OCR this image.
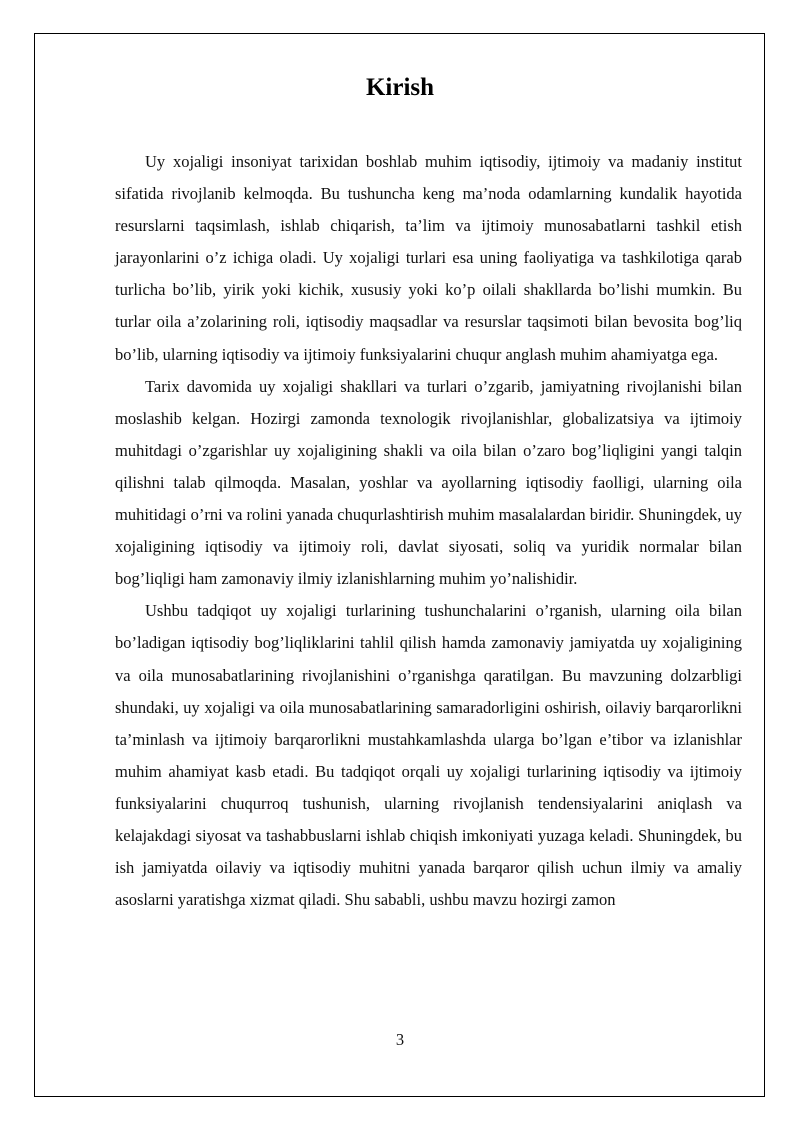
Kirish

Uy xojaligi insoniyat tarixidan boshlab muhim iqtisodiy, ijtimoiy va madaniy institut sifatida rivojlanib kelmoqda. Bu tushuncha keng ma’noda odamlarning kundalik hayotida resurslarni taqsimlash, ishlab chiqarish, ta’lim va ijtimoiy munosabatlarni tashkil etish jarayonlarini o’z ichiga oladi. Uy xojaligi turlari esa uning faoliyatiga va tashkilotiga qarab turlicha bo’lib, yirik yoki kichik, xususiy yoki ko’p oilali shakllarda bo’lishi mumkin. Bu turlar oila a’zolarining roli, iqtisodiy maqsadlar va resurslar taqsimoti bilan bevosita bog’liq bo’lib, ularning iqtisodiy va ijtimoiy funksiyalarini chuqur anglash muhim ahamiyatga ega.

Tarix davomida uy xojaligi shakllari va turlari o’zgarib, jamiyatning rivojlanishi bilan moslashib kelgan. Hozirgi zamonda texnologik rivojlanishlar, globalizatsiya va ijtimoiy muhitdagi o’zgarishlar uy xojaligining shakli va oila bilan o’zaro bog’liqligini yangi talqin qilishni talab qilmoqda. Masalan, yoshlar va ayollarning iqtisodiy faolligi, ularning oila muhitidagi o’rni va rolini yanada chuqurlashtirish muhim masalalardan biridir. Shuningdek, uy xojaligining iqtisodiy va ijtimoiy roli, davlat siyosati, soliq va yuridik normalar bilan bog’liqligi ham zamonaviy ilmiy izlanishlarning muhim yo’nalishidir.

Ushbu tadqiqot uy xojaligi turlarining tushunchalarini o’rganish, ularning oila bilan bo’ladigan iqtisodiy bog’liqliklarini tahlil qilish hamda zamonaviy jamiyatda uy xojaligining va oila munosabatlarining rivojlanishini o’rganishga qaratilgan. Bu mavzuning dolzarbligi shundaki, uy xojaligi va oila munosabatlarining samaradorligini oshirish, oilaviy barqarorlikni ta’minlash va ijtimoiy barqarorlikni mustahkamlashda ularga bo’lgan e’tibor va izlanishlar muhim ahamiyat kasb etadi. Bu tadqiqot orqali uy xojaligi turlarining iqtisodiy va ijtimoiy funksiyalarini chuqurroq tushunish, ularning rivojlanish tendensiyalarini aniqlash va kelajakdagi siyosat va tashabbuslarni ishlab chiqish imkoniyati yuzaga keladi. Shuningdek, bu ish jamiyatda oilaviy va iqtisodiy muhitni yanada barqaror qilish uchun ilmiy va amaliy asoslarni yaratishga xizmat qiladi. Shu sababli, ushbu mavzu hozirgi zamon

3
